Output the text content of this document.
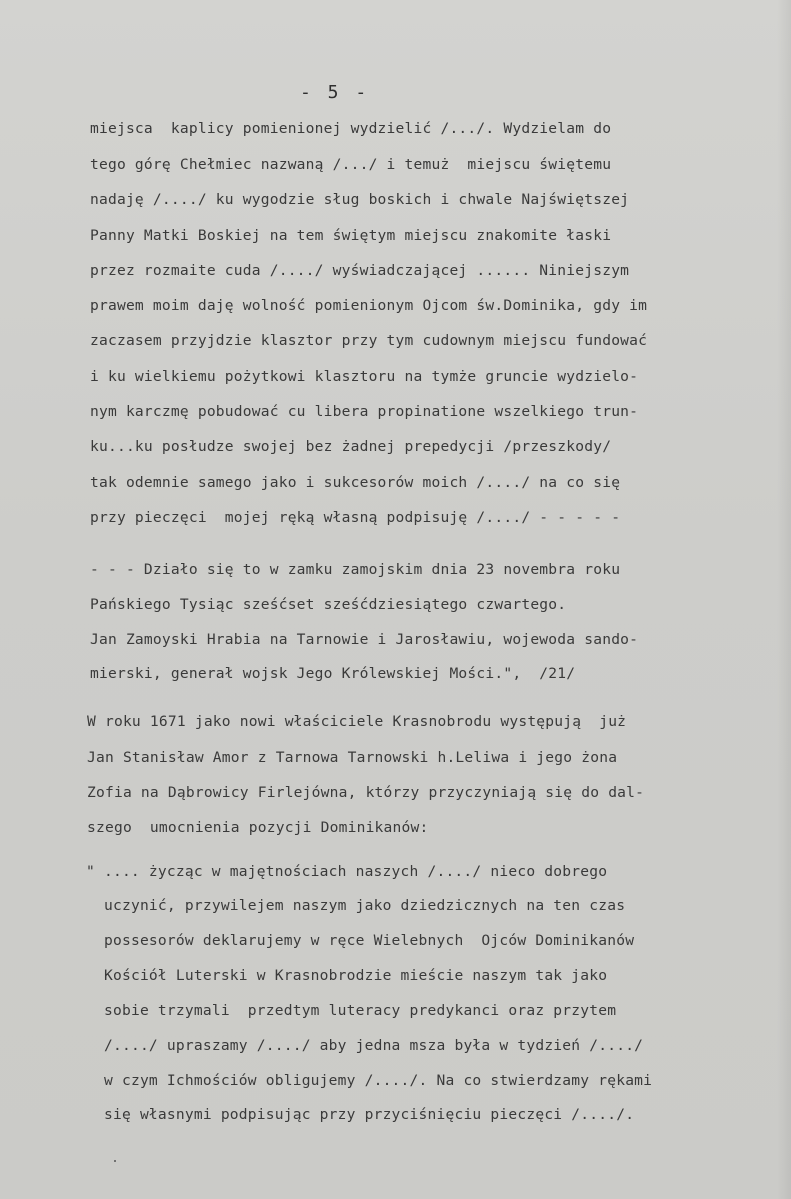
- 5 -
miejsca  kaplicy pomienionej wydzielić /.../. Wydzielam do
tego górę Chełmiec nazwaną /.../ i temuż  miejscu świętemu
nadaję /..../ ku wygodzie sług boskich i chwale Najświętszej
Panny Matki Boskiej na tem świętym miejscu znakomite łaski
przez rozmaite cuda /..../ wyświadczającej ...... Niniejszym
prawem moim daję wolność pomienionym Ojcom św.Dominika, gdy im
zaczasem przyjdzie klasztor przy tym cudownym miejscu fundować
i ku wielkiemu pożytkowi klasztoru na tymże gruncie wydzielo-
nym karczmę pobudować cu libera propinatione wszelkiego trun-
ku...ku posłudze swojej bez żadnej prepedycji /przeszkody/
tak odemnie samego jako i sukcesorów moich /..../ na co się
przy pieczęci  mojej ręką własną podpisuję /..../ - - - - -
- - - Działo się to w zamku zamojskim dnia 23 novembra roku
Pańskiego Tysiąc sześćset sześćdziesiątego czwartego.
Jan Zamoyski Hrabia na Tarnowie i Jarosławiu, wojewoda sando-
mierski, generał wojsk Jego Królewskiej Mości.",  /21/
W roku 1671 jako nowi właściciele Krasnobrodu występują  już
Jan Stanisław Amor z Tarnowa Tarnowski h.Leliwa i jego żona
Zofia na Dąbrowicy Firlejówna, którzy przyczyniają się do dal-
szego  umocnienia pozycji Dominikanów:
" .... życząc w majętnościach naszych /..../ nieco dobrego
uczynić, przywilejem naszym jako dziedzicznych na ten czas
possesorów deklarujemy w ręce Wielebnych  Ojców Dominikanów
Kościół Luterski w Krasnobrodzie mieście naszym tak jako
sobie trzymali  przedtym luteracy predykanci oraz przytem
/..../ upraszamy /..../ aby jedna msza była w tydzień /..../
w czym Ichmościów obligujemy /..../. Na co stwierdzamy rękami
się własnymi podpisując przy przyciśnięciu pieczęci /..../.
